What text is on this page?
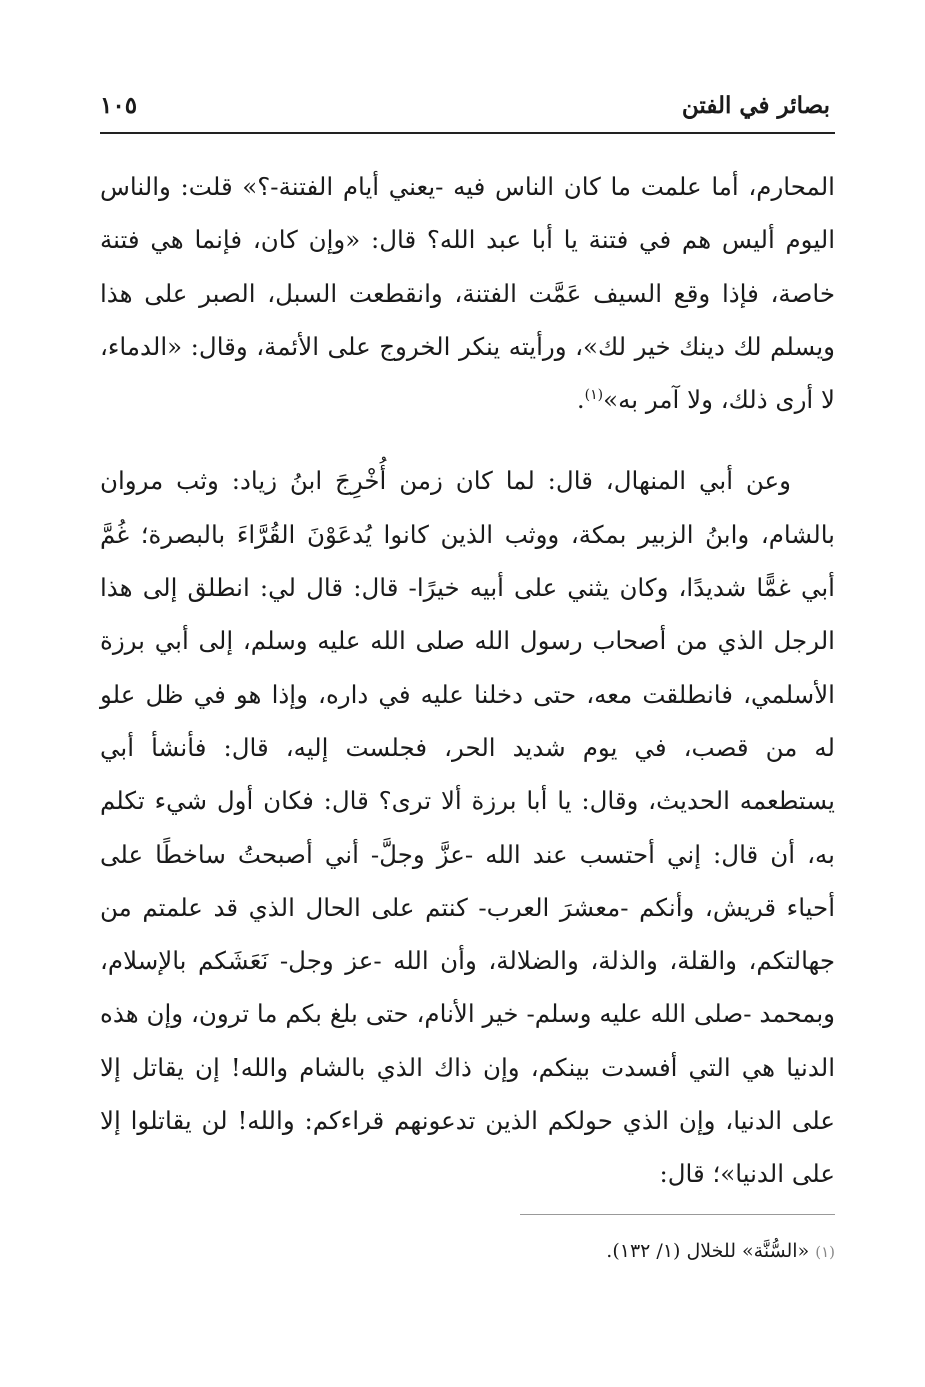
بصائر في الفتن
١٠٥

المحارم، أما علمت ما كان الناس فيه -يعني أيام الفتنة-؟» قلت: والناس اليوم أليس هم في فتنة يا أبا عبد الله؟ قال: «وإن كان، فإنما هي فتنة خاصة، فإذا وقع السيف عَمَّت الفتنة، وانقطعت السبل، الصبر على هذا ويسلم لك دينك خير لك»، ورأيته ينكر الخروج على الأئمة، وقال: «الدماء، لا أرى ذلك، ولا آمر به»$^{(١)}$.

وعن أبي المنهال، قال: لما كان زمن أُخْرِجَ ابنُ زياد: وثب مروان بالشام، وابنُ الزبير بمكة، ووثب الذين كانوا يُدعَوْنَ القُرَّاءَ بالبصرة؛ غُمَّ أبي غمًّا شديدًا، وكان يثني على أبيه خيرًا- قال: قال لي: انطلق إلى هذا الرجل الذي من أصحاب رسول الله صلى الله عليه وسلم، إلى أبي برزة الأسلمي، فانطلقت معه، حتى دخلنا عليه في داره، وإذا هو في ظل علو له من قصب، في يوم شديد الحر، فجلست إليه، قال: فأنشأ أبي يستطعمه الحديث، وقال: يا أبا برزة ألا ترى؟ قال: فكان أول شيء تكلم به، أن قال: إني أحتسب عند الله -عزَّ وجلَّ- أني أصبحتُ ساخطًا على أحياء قريش، وأنكم -معشرَ العرب- كنتم على الحال الذي قد علمتم من جهالتكم، والقلة، والذلة، والضلالة، وأن الله -عز وجل- نَعَشَكم بالإسلام، وبمحمد -صلى الله عليه وسلم- خير الأنام، حتى بلغ بكم ما ترون، وإن هذه الدنيا هي التي أفسدت بينكم، وإن ذاك الذي بالشام والله! إن يقاتل إلا على الدنيا، وإن الذي حولكم الذين تدعونهم قراءكم: والله! لن يقاتلوا إلا على الدنيا»؛ قال:

(١)«السُّنَّة» للخلال (١/ ١٣٢).
